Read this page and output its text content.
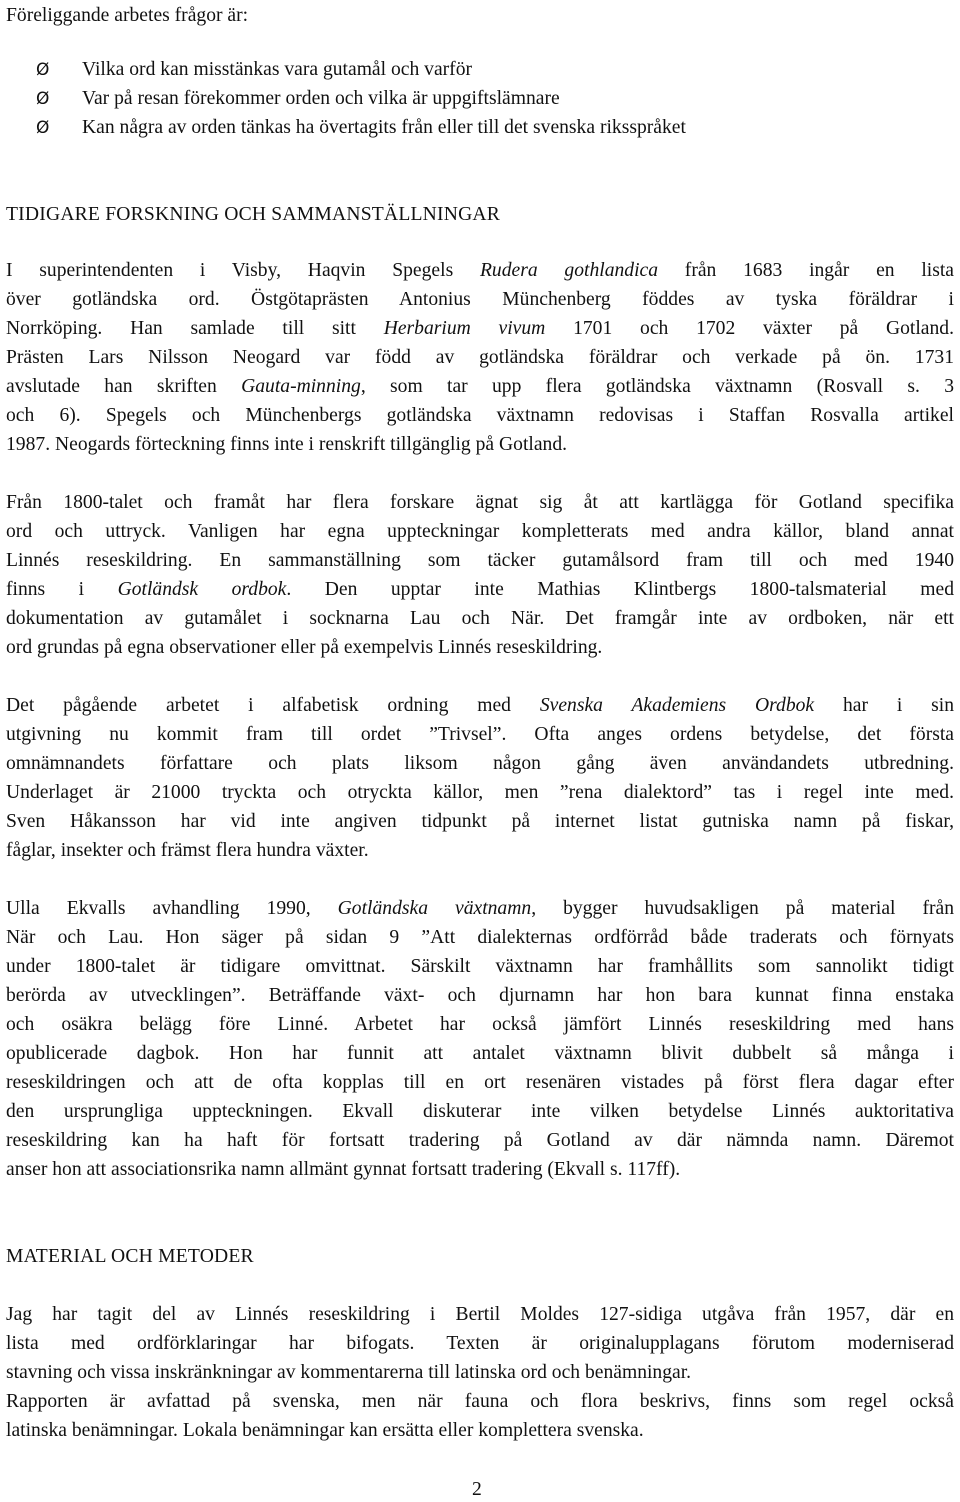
Föreliggande arbetes frågor är:
Ø Vilka ord kan misstänkas vara gutamål och varför
Ø Var på resan förekommer orden och vilka är uppgiftslämnare
Ø Kan några av orden tänkas ha övertagits från eller till det svenska riksspråket
TIDIGARE FORSKNING OCH SAMMANSTÄLLNINGAR
I superintendenten i Visby, Haqvin Spegels Rudera gothlandica från 1683 ingår en lista
över gotländska ord. Östgötaprästen Antonius Münchenberg föddes av tyska föräldrar i
Norrköping. Han samlade till sitt Herbarium vivum 1701 och 1702 växter på Gotland.
Prästen Lars Nilsson Neogard var född av gotländska föräldrar och verkade på ön. 1731
avslutade han skriften Gauta-minning, som tar upp flera gotländska växtnamn (Rosvall s. 3
och 6). Spegels och Münchenbergs gotländska växtnamn redovisas i Staffan Rosvalla artikel
1987. Neogards förteckning finns inte i renskrift tillgänglig på Gotland.
Från 1800-talet och framåt har flera forskare ägnat sig åt att kartlägga för Gotland specifika
ord och uttryck. Vanligen har egna uppteckningar kompletterats med andra källor, bland annat
Linnés reseskildring. En sammanställning som täcker gutamålsord fram till och med 1940
finns i Gotländsk ordbok. Den upptar inte Mathias Klintbergs 1800-talsmaterial med
dokumentation av gutamålet i socknarna Lau och När. Det framgår inte av ordboken, när ett
ord grundas på egna observationer eller på exempelvis Linnés reseskildring.
Det pågående arbetet i alfabetisk ordning med Svenska Akademiens Ordbok har i sin
utgivning nu kommit fram till ordet ”Trivsel”. Ofta anges ordens betydelse, det första
omnämnandets författare och plats liksom någon gång även användandets utbredning.
Underlaget är 21000 tryckta och otryckta källor, men ”rena dialektord” tas i regel inte med.
Sven Håkansson har vid inte angiven tidpunkt på internet listat gutniska namn på fiskar,
fåglar, insekter och främst flera hundra växter.
Ulla Ekvalls avhandling 1990, Gotländska växtnamn, bygger huvudsakligen på material från
När och Lau. Hon säger på sidan 9 ”Att dialekternas ordförråd både traderats och förnyats
under 1800-talet är tidigare omvittnat. Särskilt växtnamn har framhållits som sannolikt tidigt
berörda av utvecklingen”. Beträffande växt- och djurnamn har hon bara kunnat finna enstaka
och osäkra belägg före Linné. Arbetet har också jämfört Linnés reseskildring med hans
opublicerade dagbok. Hon har funnit att antalet växtnamn blivit dubbelt så många i
reseskildringen och att de ofta kopplas till en ort resenären vistades på först flera dagar efter
den ursprungliga uppteckningen. Ekvall diskuterar inte vilken betydelse Linnés auktoritativa
reseskildring kan ha haft för fortsatt tradering på Gotland av där nämnda namn. Däremot
anser hon att associationsrika namn allmänt gynnat fortsatt tradering (Ekvall s. 117ff).
MATERIAL OCH METODER
Jag har tagit del av Linnés reseskildring i Bertil Moldes 127-sidiga utgåva från 1957, där en
lista med ordförklaringar har bifogats. Texten är originalupplagans förutom moderniserad
stavning och vissa inskränkningar av kommentarerna till latinska ord och benämningar.
Rapporten är avfattad på svenska, men när fauna och flora beskrivs, finns som regel också
latinska benämningar. Lokala benämningar kan ersätta eller komplettera svenska.
2
